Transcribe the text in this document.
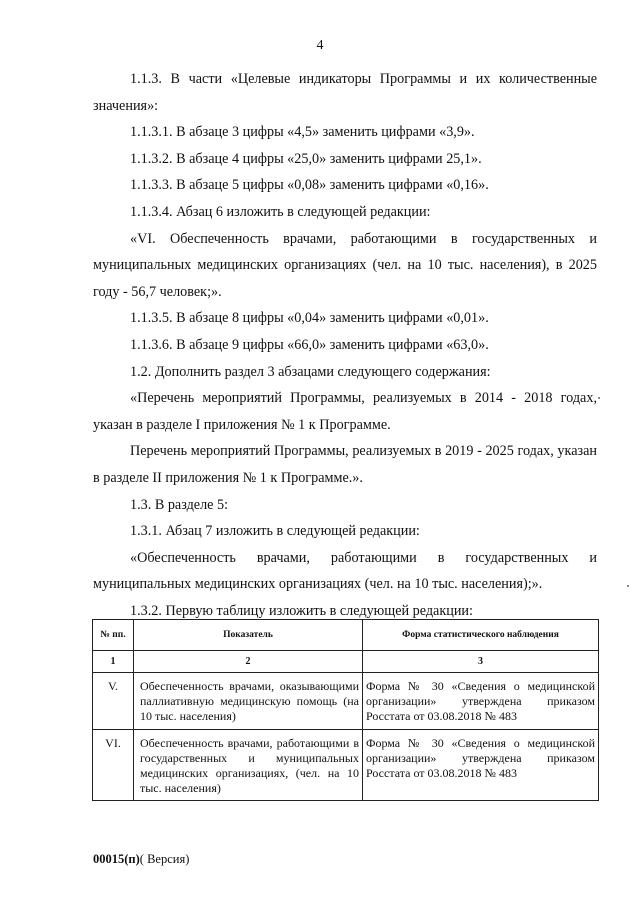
4

1.1.3. В части «Целевые индикаторы Программы и их количественные значения»:

1.1.3.1. В абзаце 3 цифры «4,5» заменить цифрами «3,9».

1.1.3.2. В абзаце 4 цифры «25,0» заменить цифрами 25,1».

1.1.3.3. В абзаце 5 цифры «0,08» заменить цифрами «0,16».

1.1.3.4. Абзац 6 изложить в следующей редакции:

«VI. Обеспеченность врачами, работающими в государственных и муниципальных медицинских организациях (чел. на 10 тыс. населения), в 2025 году - 56,7 человек;».

1.1.3.5. В абзаце 8 цифры «0,04» заменить цифрами «0,01».

1.1.3.6. В абзаце 9 цифры «66,0» заменить цифрами «63,0».

1.2. Дополнить раздел 3 абзацами следующего содержания:

«Перечень мероприятий Программы, реализуемых в 2014 - 2018 годах, указан в разделе I приложения № 1 к Программе.

Перечень мероприятий Программы, реализуемых в 2019 - 2025 годах, указан в разделе II приложения № 1 к Программе.».

1.3. В разделе 5:

1.3.1. Абзац 7 изложить в следующей редакции:

«Обеспеченность врачами, работающими в государственных и муниципальных медицинских организациях (чел. на 10 тыс. населения);».

1.3.2. Первую таблицу изложить в следующей редакции:

№ пп.	Показатель	Форма статистического наблюдения
1	2	3
V.	Обеспеченность врачами, оказывающими паллиативную медицинскую помощь (на 10 тыс. населения)	Форма № 30 «Сведения о медицинской организации» утверждена приказом Росстата от 03.08.2018 № 483
VI.	Обеспеченность врачами, работающими в государственных и муниципальных медицинских организациях, (чел. на 10 тыс. населения)	Форма № 30 «Сведения о медицинской организации» утверждена приказом Росстата от 03.08.2018 № 483
00015(п)( Версия)
